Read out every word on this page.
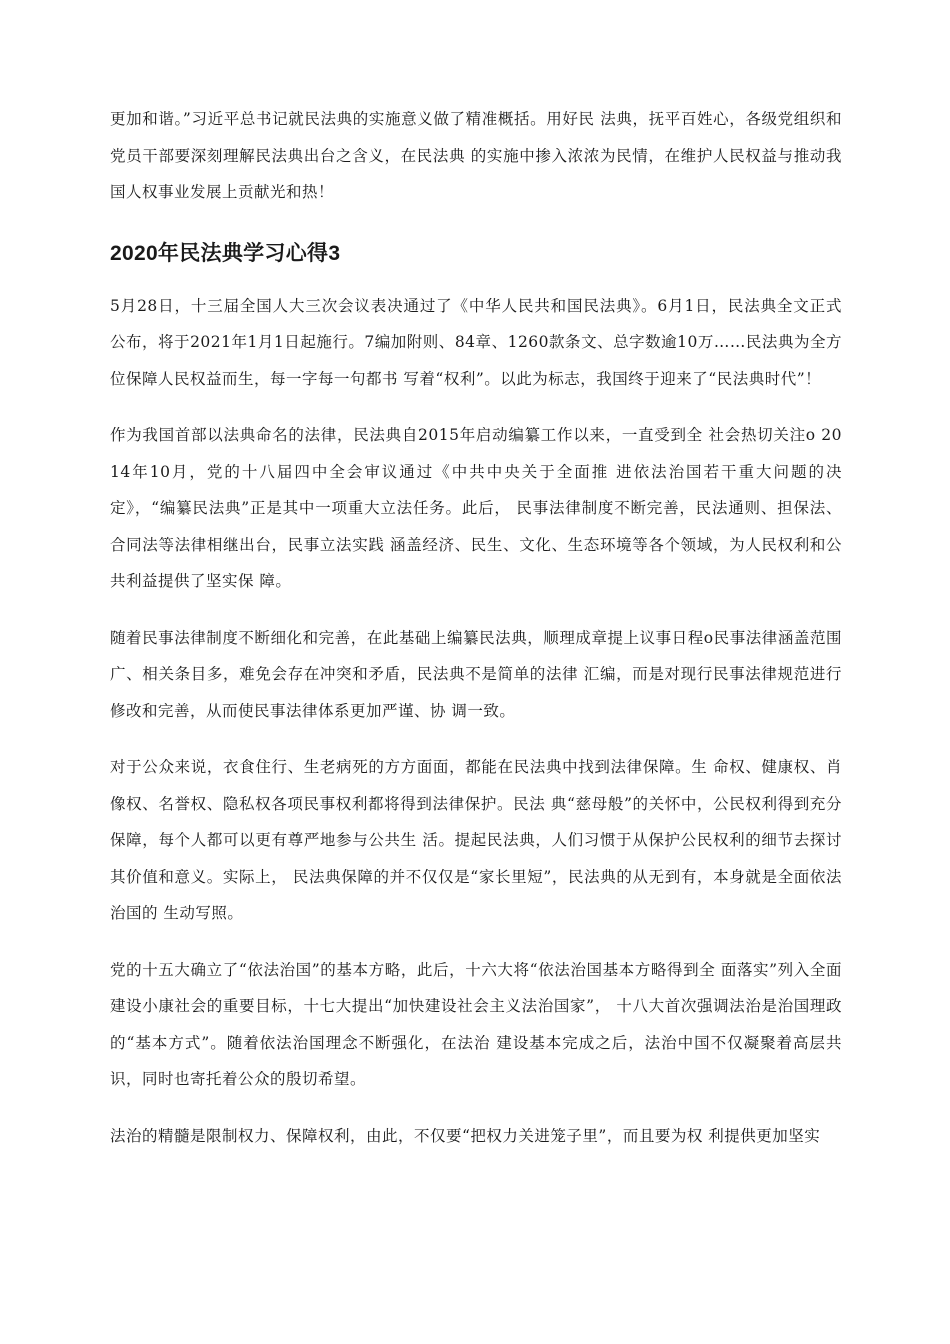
更加和谐。”习近平总书记就民法典的实施意义做了精准概括。用好民 法典，抚平百姓心，各级党组织和党员干部要深刻理解民法典出台之含义，在民法典 的实施中掺入浓浓为民情，在维护人民权益与推动我国人权事业发展上贡献光和热！

2020年民法典学习心得3

5月28日，十三届全国人大三次会议表决通过了《中华人民共和国民法典》。6月1日，民法典全文正式公布，将于2021年1月1日起施行。7编加附则、84章、1260款条文、总字数逾10万……民法典为全方位保障人民权益而生，每一字每一句都书 写着“权利”。以此为标志，我国终于迎来了“民法典时代”！

作为我国首部以法典命名的法律，民法典自2015年启动编纂工作以来，一直受到全 社会热切关注o 2014年10月，党的十八届四中全会审议通过《中共中央关于全面推 进依法治国若干重大问题的决定》，“编纂民法典”正是其中一项重大立法任务。此后， 民事法律制度不断完善，民法通则、担保法、合同法等法律相继出台，民事立法实践 涵盖经济、民生、文化、生态环境等各个领域，为人民权利和公共利益提供了坚实保 障。

随着民事法律制度不断细化和完善，在此基础上编纂民法典，顺理成章提上议事日程o民事法律涵盖范围广、相关条目多，难免会存在冲突和矛盾，民法典不是简单的法律 汇编，而是对现行民事法律规范进行修改和完善，从而使民事法律体系更加严谨、协 调一致。

对于公众来说，衣食住行、生老病死的方方面面，都能在民法典中找到法律保障。生 命权、健康权、肖像权、名誉权、隐私权各项民事权利都将得到法律保护。民法 典“慈母般”的关怀中，公民权利得到充分保障，每个人都可以更有尊严地参与公共生 活。提起民法典，人们习惯于从保护公民权利的细节去探讨其价值和意义。实际上， 民法典保障的并不仅仅是“家长里短”，民法典的从无到有，本身就是全面依法治国的 生动写照。

党的十五大确立了“依法治国”的基本方略，此后，十六大将“依法治国基本方略得到全 面落实”列入全面建设小康社会的重要目标，十七大提出“加快建设社会主义法治国家”， 十八大首次强调法治是治国理政的“基本方式”。随着依法治国理念不断强化，在法治 建设基本完成之后，法治中国不仅凝聚着高层共识，同时也寄托着公众的殷切希望。

法治的精髓是限制权力、保障权利，由此，不仅要“把权力关进笼子里”，而且要为权 利提供更加坚实
